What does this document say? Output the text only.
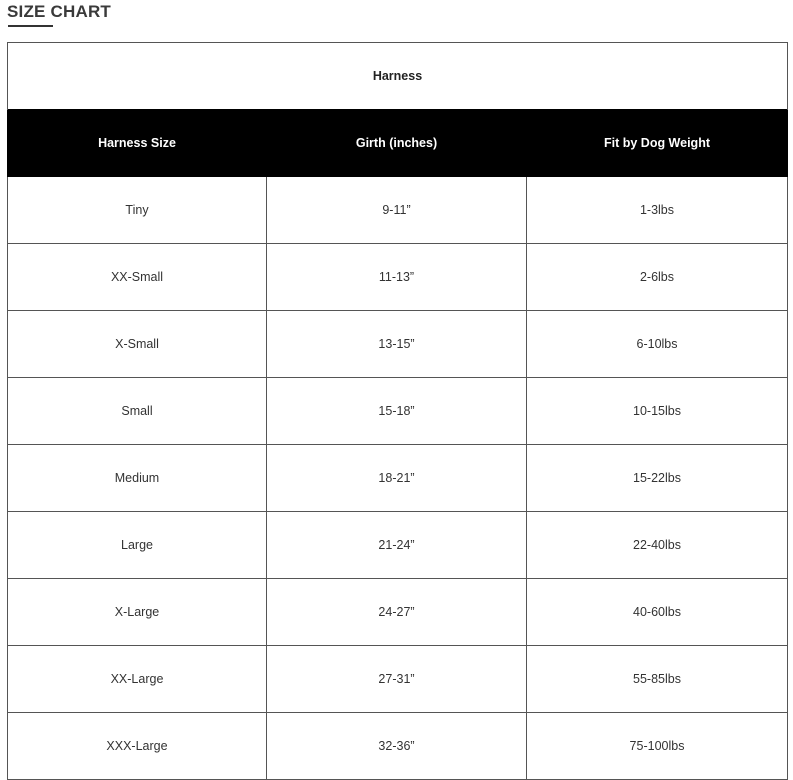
SIZE CHART
Harness		
Harness Size	Girth (inches)	Fit by Dog Weight
Tiny	9-11”	1-3lbs
XX-Small	11-13”	2-6lbs
X-Small	13-15”	6-10lbs
Small	15-18”	10-15lbs
Medium	18-21”	15-22lbs
Large	21-24”	22-40lbs
X-Large	24-27”	40-60lbs
XX-Large	27-31”	55-85lbs
XXX-Large	32-36”	75-100lbs
